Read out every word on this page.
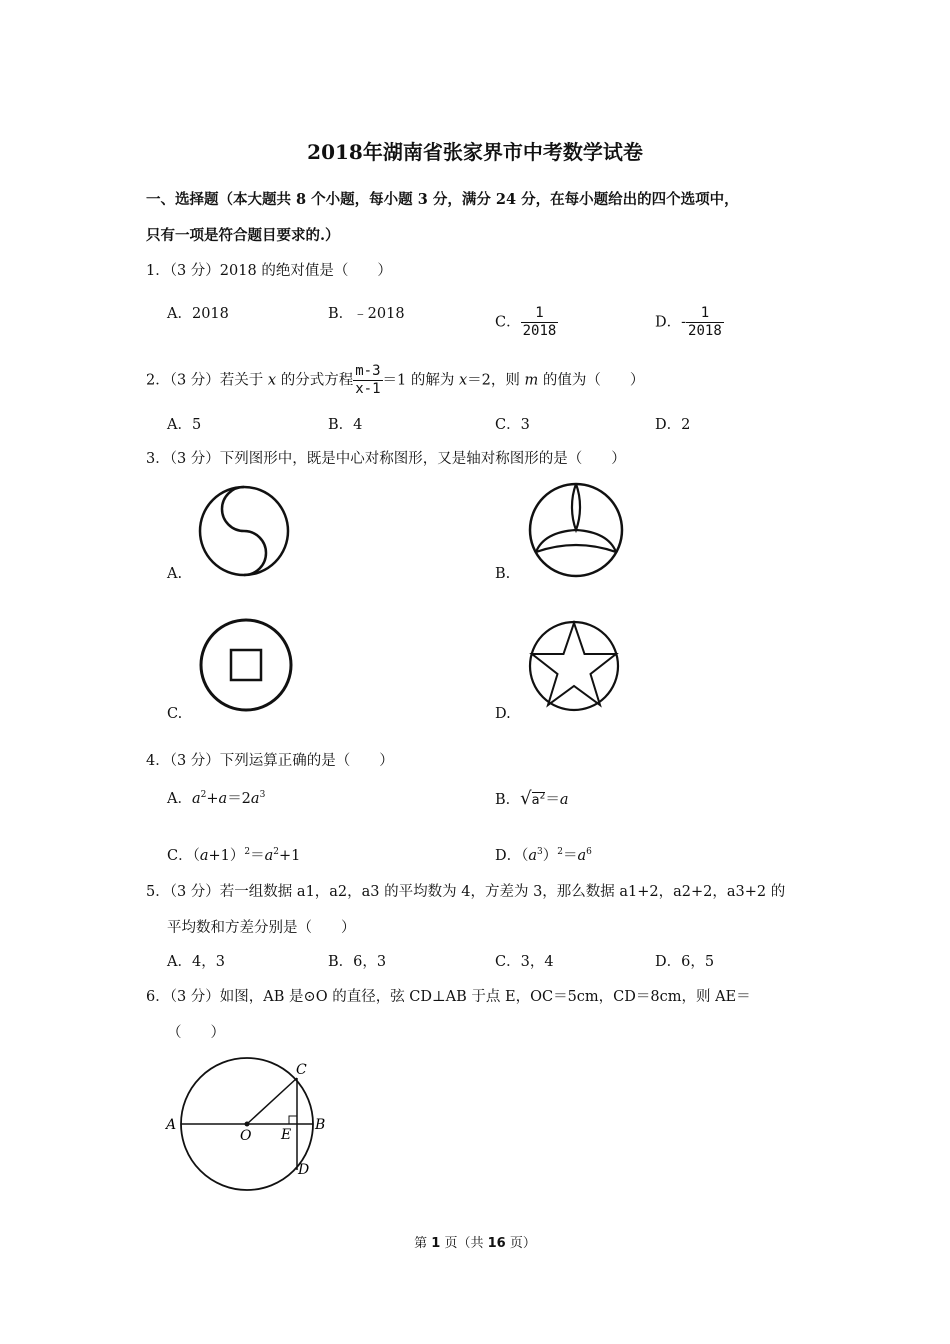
2018年湖南省张家界市中考数学试卷
一、选择题（本大题共 8 个小题，每小题 3 分，满分 24 分，在每小题给出的四个选项中，
只有一项是符合题目要求的.）
1．（3 分）2018 的绝对值是（　　）
A．2018	B．﹣2018
C． $\frac{1}{2018}$	D．- $\frac{1}{2018}$
2．（3 分）若关于 x 的分式方程 $\frac{m-3}{x-1} =1$ 的解为 x＝2，则 m 的值为（　　）
A．5	B．4	C．3	D．2
3．（3 分）下列图形中，既是中心对称图形，又是轴对称图形的是（　　）
A.	B.
C.	D.
4．（3 分）下列运算正确的是（　　）
A．$a^2+a=2a^3$	B．$√a^2=a$
C．$(a+1)^2=a^2+1$	D．$(a^3)^2=a^6$
5．（3 分）若一组数据 a1，a2，a3 的平均数为 4，方差为 3，那么数据 a1+2，a2+2，a3+2 的
平均数和方差分别是（　　）
A．4，3	B．6，3	C．3，4	D．6，5
6．（3 分）如图，AB 是⊙O 的直径，弦 CD⊥AB 于点 E，OC＝5cm，CD＝8cm，则 AE＝
（　　）
A	B
C
D
E
O
第 1 页（共 16 页）
